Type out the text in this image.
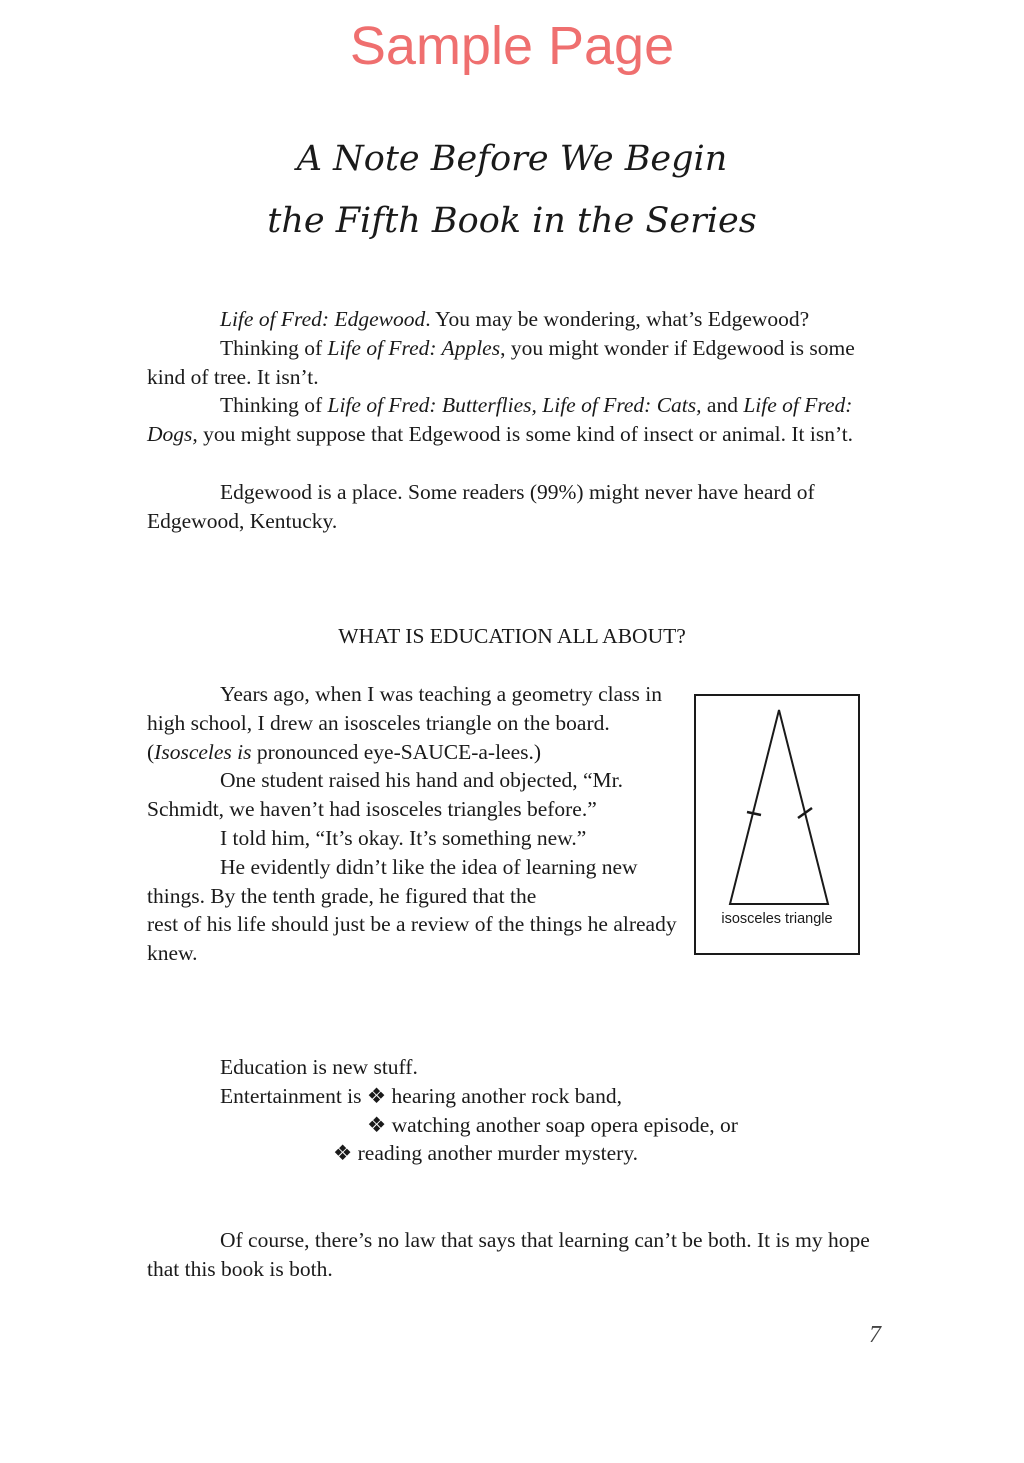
Sample Page
A Note Before We Begin
the Fifth Book in the Series

Life of Fred: Edgewood. You may be wondering, what’s Edgewood?

Thinking of Life of Fred: Apples, you might wonder if Edgewood is some kind of tree. It isn’t.

Thinking of Life of Fred: Butterflies, Life of Fred: Cats, and Life of Fred: Dogs, you might suppose that Edgewood is some kind of insect or animal. It isn’t.

Edgewood is a place. Some readers (99%) might never have heard of Edgewood, Kentucky.

WHAT IS EDUCATION ALL ABOUT?

Years ago, when I was teaching a geometry class in high school, I drew an isosceles triangle on the board. (Isosceles is pronounced eye-SAUCE-a-lees.)

One student raised his hand and objected, “Mr. Schmidt, we haven’t had isosceles triangles before.”

I told him, “It’s okay. It’s something new.”

He evidently didn’t like the idea of learning new things. By the tenth grade, he figured that the

rest of his life should just be a review of the things he already knew.

isosceles triangle

Education is new stuff.

Entertainment is ❖ hearing another rock band,

❖ watching another soap opera episode, or

❖ reading another murder mystery.

Of course, there’s no law that says that learning can’t be both. It is my hope that this book is both.

7
